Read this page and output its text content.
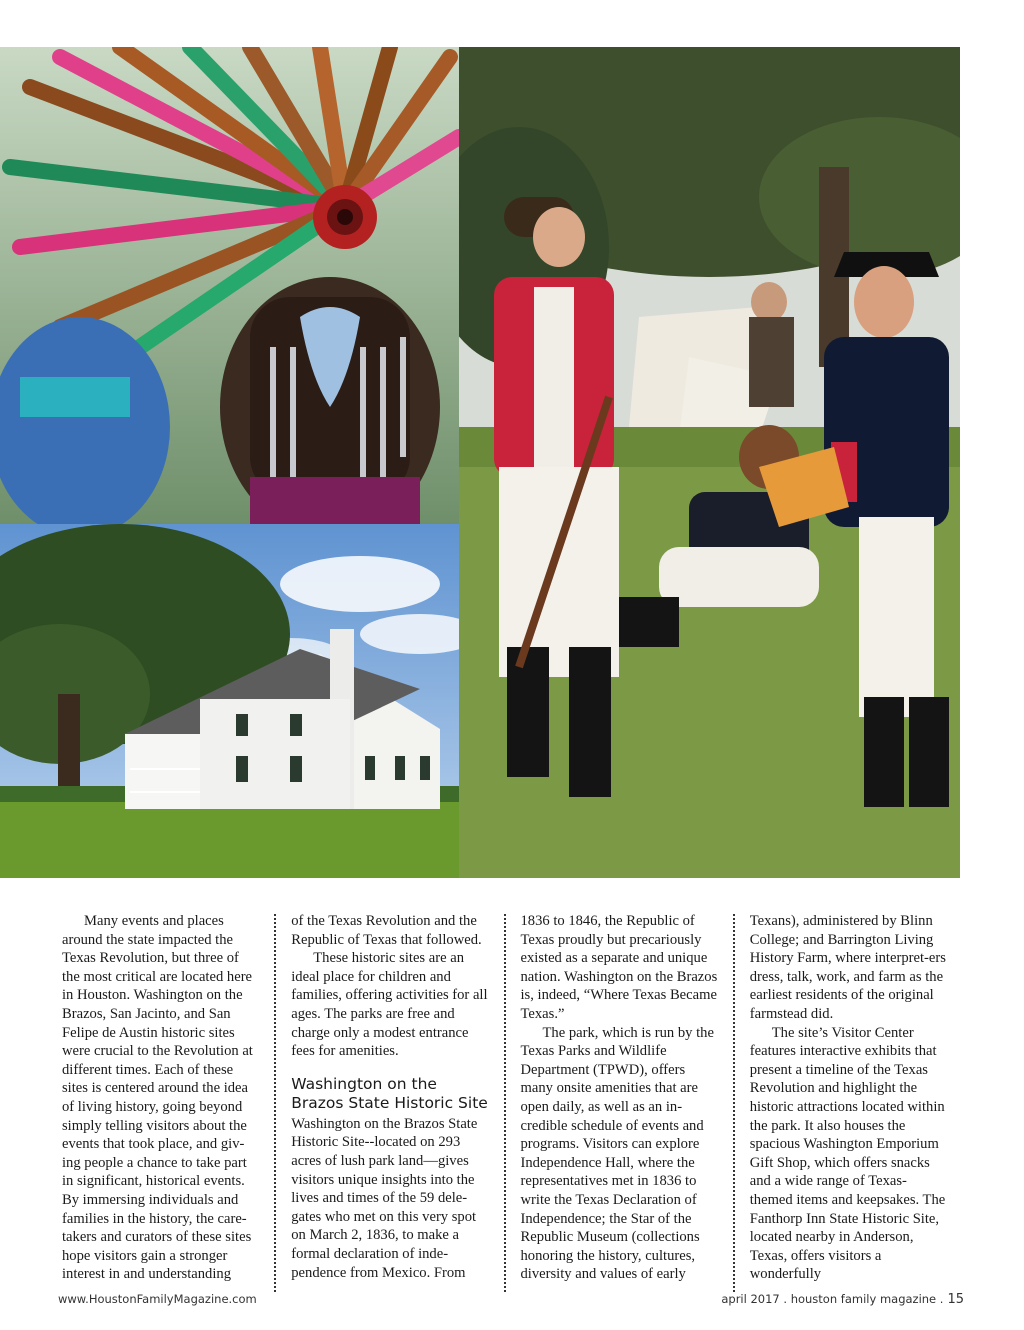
Many events and places around the state impacted the Texas Revolution, but three of the most critical are located here in Houston. Washington on the Brazos, San Jacinto, and San Felipe de Austin historic sites were crucial to the Revolution at different times. Each of these sites is centered around the idea of living history, going beyond simply telling visitors about the events that took place, and giv-ing people a chance to take part in significant, historical events. By immersing individuals and families in the history, the care-takers and curators of these sites hope visitors gain a stronger interest in and understanding

of the Texas Revolution and the Republic of Texas that followed.

These historic sites are an ideal place for children and families, offering activities for all ages. The parks are free and charge only a modest entrance fees for amenities.

Washington on the Brazos State Historic Site

Washington on the Brazos State Historic Site--located on 293 acres of lush park land—gives visitors unique insights into the lives and times of the 59 dele-gates who met on this very spot on March 2, 1836, to make a formal declaration of inde-pendence from Mexico. From

1836 to 1846, the Republic of Texas proudly but precariously existed as a separate and unique nation. Washington on the Brazos is, indeed, “Where Texas Became Texas.”

The park, which is run by the Texas Parks and Wildlife Department (TPWD), offers many onsite amenities that are open daily, as well as an in-credible schedule of events and programs. Visitors can explore Independence Hall, where the representatives met in 1836 to write the Texas Declaration of Independence; the Star of the Republic Museum (collections honoring the history, cultures, diversity and values of early

Texans), administered by Blinn College; and Barrington Living History Farm, where interpret-ers dress, talk, work, and farm as the earliest residents of the original farmstead did.

The site’s Visitor Center features interactive exhibits that present a timeline of the Texas Revolution and highlight the historic attractions located within the park. It also houses the spacious Washington Emporium Gift Shop, which offers snacks and a wide range of Texas-themed items and keepsakes. The Fanthorp Inn State Historic Site, located nearby in Anderson, Texas, offers visitors a wonderfully

www.HoustonFamilyMagazine.com	april 2017 . houston family magazine . 15
